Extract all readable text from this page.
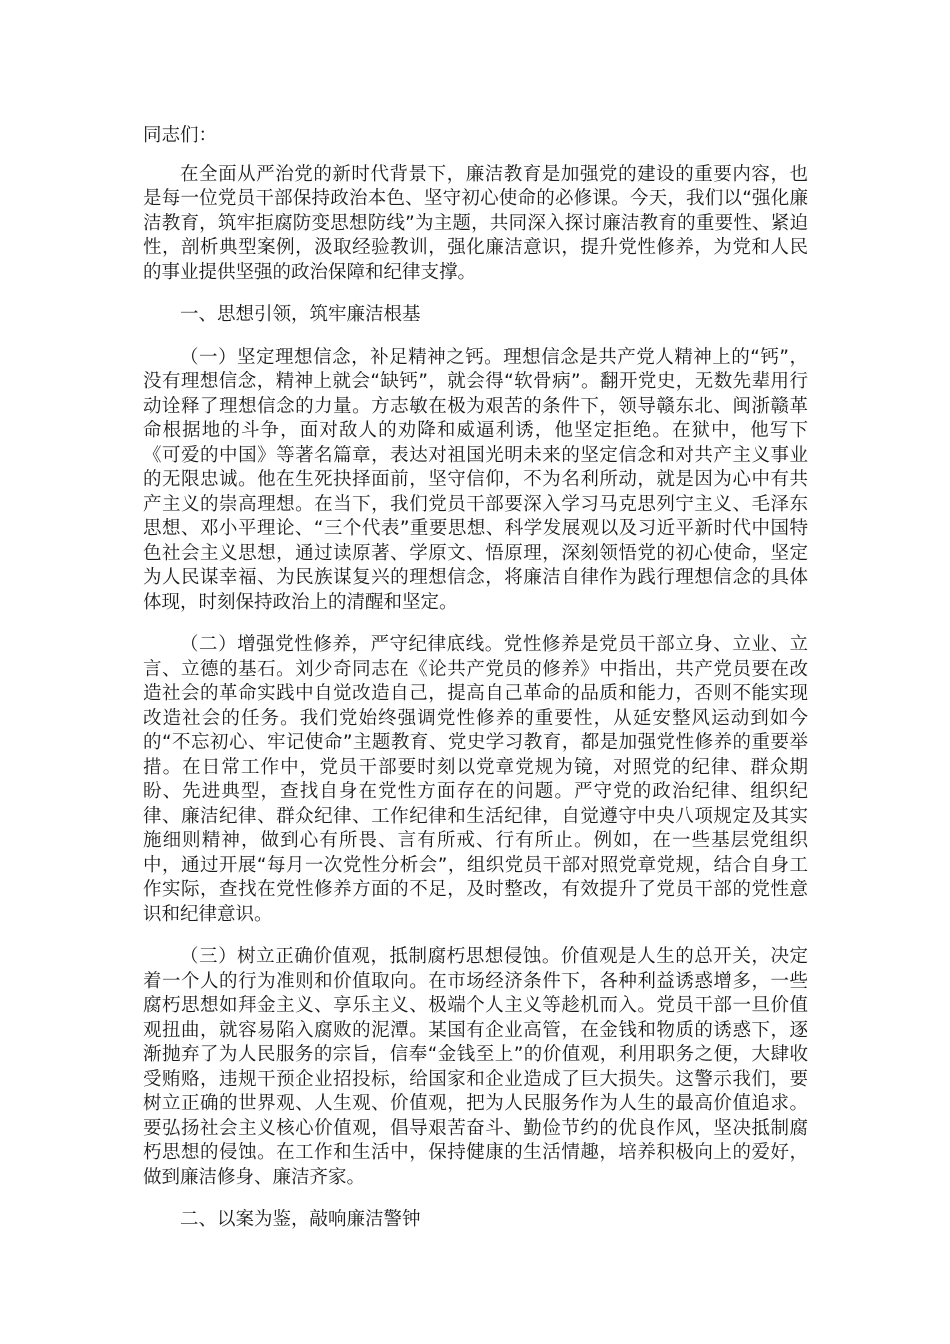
同志们：

在全面从严治党的新时代背景下，廉洁教育是加强党的建设的重要内容，也是每一位党员干部保持政治本色、坚守初心使命的必修课。今天，我们以“强化廉洁教育，筑牢拒腐防变思想防线”为主题，共同深入探讨廉洁教育的重要性、紧迫性，剖析典型案例，汲取经验教训，强化廉洁意识，提升党性修养，为党和人民的事业提供坚强的政治保障和纪律支撑。

一、思想引领，筑牢廉洁根基

（一）坚定理想信念，补足精神之钙。理想信念是共产党人精神上的“钙”，没有理想信念，精神上就会“缺钙”，就会得“软骨病”。翻开党史，无数先辈用行动诠释了理想信念的力量。方志敏在极为艰苦的条件下，领导赣东北、闽浙赣革命根据地的斗争，面对敌人的劝降和威逼利诱，他坚定拒绝。在狱中，他写下《可爱的中国》等著名篇章，表达对祖国光明未来的坚定信念和对共产主义事业的无限忠诚。他在生死抉择面前，坚守信仰，不为名利所动，就是因为心中有共产主义的崇高理想。在当下，我们党员干部要深入学习马克思列宁主义、毛泽东思想、邓小平理论、“三个代表”重要思想、科学发展观以及习近平新时代中国特色社会主义思想，通过读原著、学原文、悟原理，深刻领悟党的初心使命，坚定为人民谋幸福、为民族谋复兴的理想信念，将廉洁自律作为践行理想信念的具体体现，时刻保持政治上的清醒和坚定。

（二）增强党性修养，严守纪律底线。党性修养是党员干部立身、立业、立言、立德的基石。刘少奇同志在《论共产党员的修养》中指出，共产党员要在改造社会的革命实践中自觉改造自己，提高自己革命的品质和能力，否则不能实现改造社会的任务。我们党始终强调党性修养的重要性，从延安整风运动到如今的“不忘初心、牢记使命”主题教育、党史学习教育，都是加强党性修养的重要举措。在日常工作中，党员干部要时刻以党章党规为镜，对照党的纪律、群众期盼、先进典型，查找自身在党性方面存在的问题。严守党的政治纪律、组织纪律、廉洁纪律、群众纪律、工作纪律和生活纪律，自觉遵守中央八项规定及其实施细则精神，做到心有所畏、言有所戒、行有所止。例如，在一些基层党组织中，通过开展“每月一次党性分析会”，组织党员干部对照党章党规，结合自身工作实际，查找在党性修养方面的不足，及时整改，有效提升了党员干部的党性意识和纪律意识。

（三）树立正确价值观，抵制腐朽思想侵蚀。价值观是人生的总开关，决定着一个人的行为准则和价值取向。在市场经济条件下，各种利益诱惑增多，一些腐朽思想如拜金主义、享乐主义、极端个人主义等趁机而入。党员干部一旦价值观扭曲，就容易陷入腐败的泥潭。某国有企业高管，在金钱和物质的诱惑下，逐渐抛弃了为人民服务的宗旨，信奉“金钱至上”的价值观，利用职务之便，大肆收受贿赂，违规干预企业招投标，给国家和企业造成了巨大损失。这警示我们，要树立正确的世界观、人生观、价值观，把为人民服务作为人生的最高价值追求。要弘扬社会主义核心价值观，倡导艰苦奋斗、勤俭节约的优良作风，坚决抵制腐朽思想的侵蚀。在工作和生活中，保持健康的生活情趣，培养积极向上的爱好，做到廉洁修身、廉洁齐家。

二、以案为鉴，敲响廉洁警钟
